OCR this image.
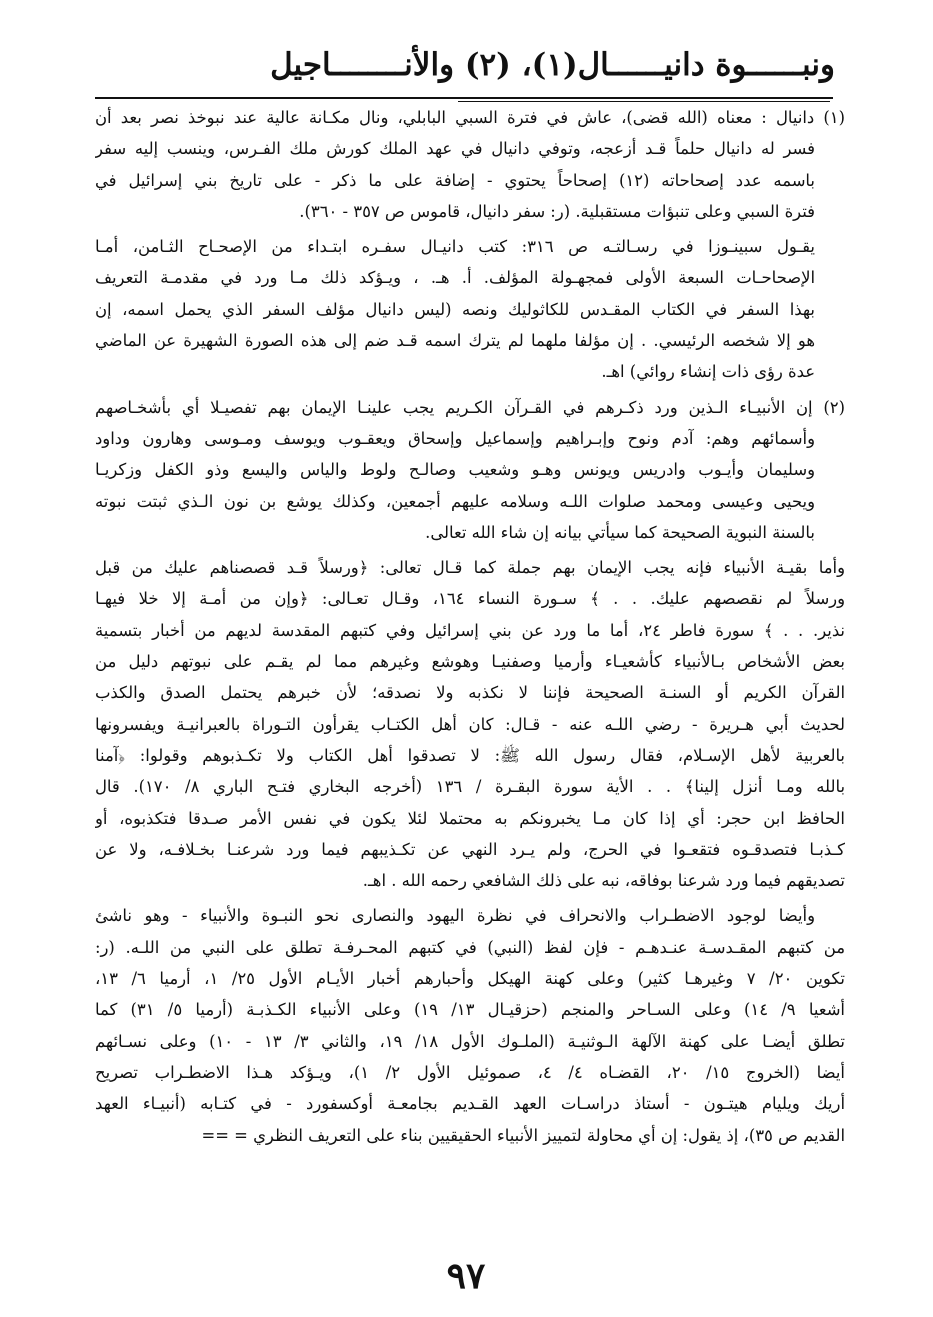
ونبــــــوة دانيــــــال(١)، (٢) والأنــــــــاجيل
(١) دانيال : معناه (الله قضى)، عاش في فترة السبي البابلي، ونال مكـانة عالية عند نبوخذ نصر بعد أن
فسر له دانيال حلماً قـد أزعجه، وتوفي دانيال في عهد الملك كورش ملك الفـرس، وينسب إليه سفر
باسمه عدد إصحاحاته (١٢) إصحاحاً يحتوي - إضافة على ما ذكر - على تاريخ بني إسرائيل في
فترة السبي وعلى تنبؤات مستقبلية. (ر: سفر دانيال، قاموس ص ٣٥٧ - ٣٦٠).
يقـول سبينـوزا في رسـالتـه ص ٣١٦: كتب دانيـال سفـره ابتـداء من الإصحـاح الثـامن، أمـا
الإصحاحـات السبعة الأولى فمجهـولة المؤلف. أ. هـ. ، ويـؤكد ذلك مـا ورد في مقدمـة التعريف
بهذا السفر في الكتاب المقـدس للكاثوليك ونصه (ليس دانيال مؤلف السفر الذي يحمل اسمه، إن
هو إلا شخصه الرئيسي. . إن مؤلفا ملهما لم يترك اسمه قـد ضم إلى هذه الصورة الشهيرة عن الماضي
عدة رؤى ذات إنشاء روائي) اهـ.
(٢) إن الأنبيـاء الـذين ورد ذكـرهم في القـرآن الكـريم يجب علينـا الإيمان بهم تفصيـلا أي بأشخـاصهم
وأسمائهم وهم: آدم ونوح وإبـراهيم وإسماعيل وإسحاق ويعقـوب ويوسف ومـوسى وهارون وداود
وسليمان وأيـوب وادريس ويونس وهـو وشعيب وصالـح ولوط والياس واليسع وذو الكفل وزكريـا
ويحيى وعيسى ومحمد صلوات اللـه وسلامه عليهم أجمعين، وكذلك يوشع بن نون الـذي ثبتت نبوته
بالسنة النبوية الصحيحة كما سيأتي بيانه إن شاء الله تعالى.
وأما بقيـة الأنبياء فإنه يجب الإيمان بهم جملة كما قـال تعالى: ﴿ورسلاً قـد قصصناهم عليك من قبل
ورسلاً لم نقصصهم عليك. . . ﴾ سـورة النساء ١٦٤، وقـال تعـالى: ﴿وإن من أمـة إلا خلا فيهـا
نذير. . . ﴾ سورة فاطر ٢٤، أما ما ورد عن بني إسرائيل وفي كتبهم المقدسة لديهم من أخبار بتسمية
بعض الأشخاص بـالأنبياء كأشعيـاء وأرميا وصفنيـا وهوشع وغيرهم مما لم يقـم على نبوتهم دليل من
القرآن الكريم أو السنـة الصحيحة فإننا لا نكذبه ولا نصدقه؛ لأن خبرهم يحتمل الصدق والكذب
لحديث أبي هـريرة - رضي اللـه عنه - قـال: كان أهل الكتـاب يقرأون التـوراة بالعبرانيـة ويفسرونها
بالعربية لأهل الإسـلام، فقال رسول الله ﷺ: لا تصدقوا أهل الكتاب ولا تكـذبوهم وقولوا: ﴿آمنا
بالله ومـا أنزل إلينا﴾ . . الأية سورة البقـرة / ١٣٦ (أخرجه البخاري فتـح الباري ٨/ ١٧٠). قال
الحافظ ابن حجر: أي إذا كان مـا يخبرونكم به محتملا لئلا يكون في نفس الأمر صـدقا فتكذبوه، أو
كـذبـا فتصدقـوه فتقعـوا في الحرج، ولم يـرد النهي عن تكـذيبهم فيما ورد شرعنـا بخـلافـه، ولا عن
تصديقهم فيما ورد شرعنا بوفاقه، نبه على ذلك الشافعي رحمه الله . اهـ.
وأيضا لوجود الاضطـراب والانحراف في نظرة اليهود والنصارى نحو النبـوة والأنبياء - وهو ناشئ
من كتبهم المقـدسـة عنـدهـم - فإن لفظ (النبي) في كتبهم المحـرفـة تطلق على النبي من اللـه. (ر:
تكوين ٢٠/ ٧ وغيرهـا كثير) وعلى كهنة الهيكل وأحبارهم أخبار الأيـام الأول ٢٥/ ١، أرميا ٦/ ١٣،
أشعيا ٩/ ١٤) وعلى السـاحر والمنجم (حزقيـال ١٣/ ١٩) وعلى الأنبياء الكـذبـة (أرميا ٥/ ٣١) كما
تطلق أيضـا على كهنة الآلهة الـوثنيـة (الملـوك الأول ١٨/ ١٩، والثاني ٣/ ١٣ - ١٠) وعلى نسـائهم
أيضا (الخروج ١٥/ ٢٠، القضـاه ٤/ ٤، صموئيل الأول ٢/ ١)، ويـؤكد هـذا الاضطـراب تصريح
أريك ويليام هيتـون - أستاذ دراسـات العهد القـديم بجامعـة أوكسفورد - في كتـابه (أنبيـاء العهد
القديم ص ٣٥)، إذ يقول: إن أي محاولة لتمييز الأنبياء الحقيقيين بناء على التعريف النظري = ==
٩٧
